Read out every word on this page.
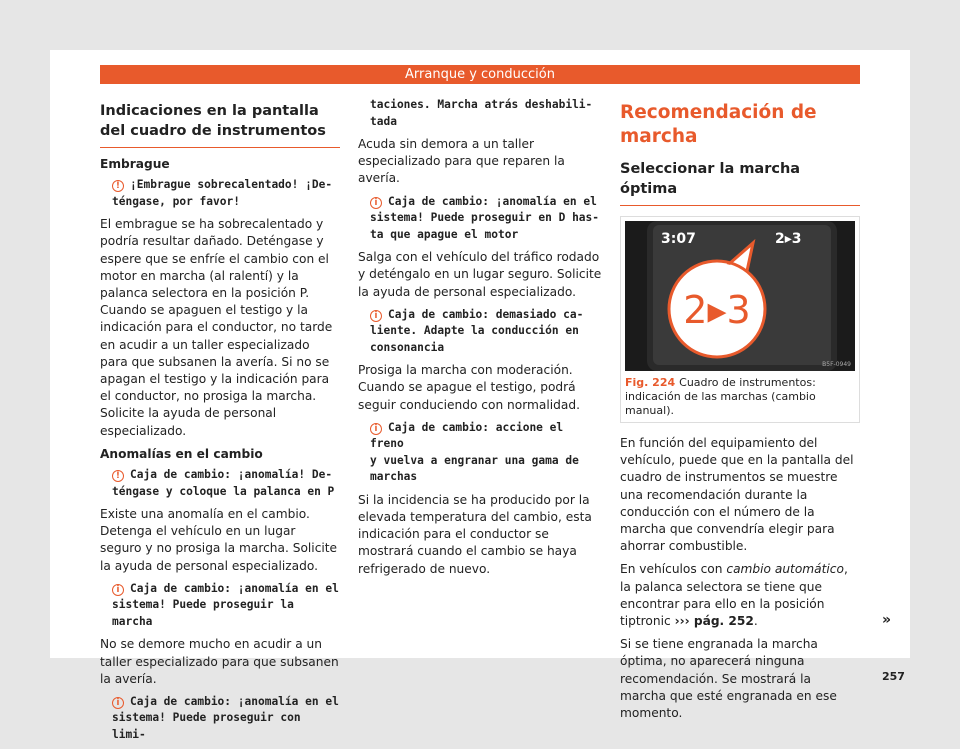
Arranque y conducción
Indicaciones en la pantalla del cuadro de instrumentos
Embrague
! ¡Embrague sobrecalentado! ¡De-
téngase, por favor!

El embrague se ha sobrecalentado y podría resultar dañado. Deténgase y espere que se enfríe el cambio con el motor en marcha (al ralentí) y la palanca selectora en la posición P. Cuando se apaguen el testigo y la indicación para el conductor, no tarde en acudir a un taller especializado para que subsanen la avería. Si no se apagan el testigo y la indicación para el conductor, no prosiga la marcha. Solicite la ayuda de personal especializado.

Anomalías en el cambio
! Caja de cambio: ¡anomalía! De-
téngase y coloque la palanca en P

Existe una anomalía en el cambio. Detenga el vehículo en un lugar seguro y no prosiga la marcha. Solicite la ayuda de personal especializado.

i Caja de cambio: ¡anomalía en el
sistema! Puede proseguir la marcha

No se demore mucho en acudir a un taller especializado para que subsanen la avería.

i Caja de cambio: ¡anomalía en el
sistema! Puede proseguir con limi-
taciones. Marcha atrás deshabili-
tada

Acuda sin demora a un taller especializado para que reparen la avería.

i Caja de cambio: ¡anomalía en el
sistema! Puede proseguir en D has-
ta que apague el motor

Salga con el vehículo del tráfico rodado y deténgalo en un lugar seguro. Solicite la ayuda de personal especializado.

i Caja de cambio: demasiado ca-
liente. Adapte la conducción en
consonancia

Prosiga la marcha con moderación. Cuando se apague el testigo, podrá seguir conduciendo con normalidad.

i Caja de cambio: accione el freno
y vuelva a engranar una gama de
marchas

Si la incidencia se ha producido por la elevada temperatura del cambio, esta indicación para el conductor se mostrará cuando el cambio se haya refrigerado de nuevo.

Recomendación de marcha
Seleccionar la marcha óptima
3:07	2▸3
2▸3
B5F-0949
Fig. 224 Cuadro de instrumentos: indicación de las marchas (cambio manual).

En función del equipamiento del vehículo, puede que en la pantalla del cuadro de instrumentos se muestre una recomendación durante la conducción con el número de la marcha que convendría elegir para ahorrar combustible.

En vehículos con cambio automático, la palanca selectora se tiene que encontrar para ello en la posición tiptronic ››› pág. 252.

Si se tiene engranada la marcha óptima, no aparecerá ninguna recomendación. Se mostrará la marcha que esté engranada en ese momento.

»
257
